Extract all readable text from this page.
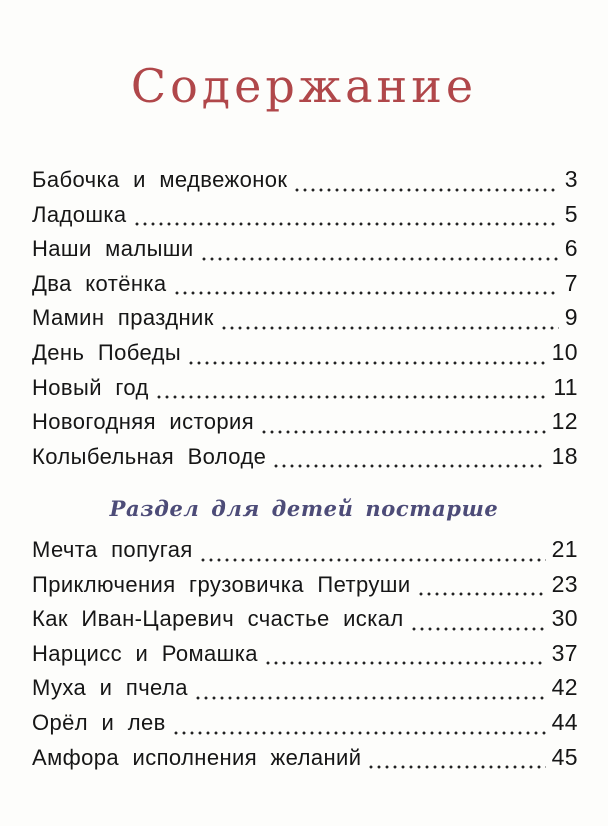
Содержание
Бабочка и медвежонок	3
Ладошка	5
Наши малыши	6
Два котёнка	7
Мамин праздник	9
День Победы	10
Новый год	11
Новогодняя история	12
Колыбельная Володе	18
Раздел для детей постарше
Мечта попугая	21
Приключения грузовичка Петруши	23
Как Иван-Царевич счастье искал	30
Нарцисс и Ромашка	37
Муха и пчела	42
Орёл и лев	44
Амфора исполнения желаний	45
